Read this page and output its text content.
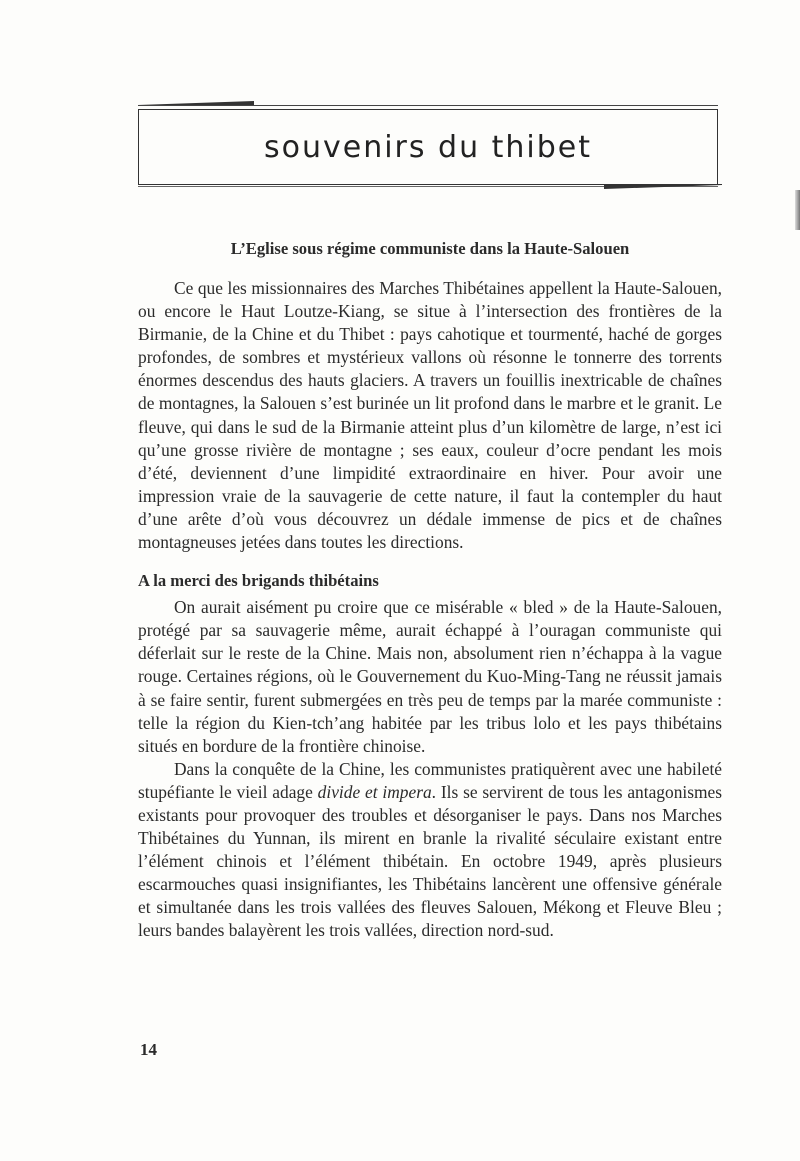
souvenirs du thibet
L’Eglise sous régime communiste dans la Haute-Salouen

Ce que les missionnaires des Marches Thibétaines appellent la Haute-Salouen, ou encore le Haut Loutze-Kiang, se situe à l’intersection des frontières de la Birmanie, de la Chine et du Thibet : pays cahotique et tourmenté, haché de gorges profondes, de sombres et mystérieux vallons où résonne le tonnerre des torrents énormes descendus des hauts glaciers. A travers un fouillis inextricable de chaînes de montagnes, la Salouen s’est burinée un lit profond dans le marbre et le granit. Le fleuve, qui dans le sud de la Birmanie atteint plus d’un kilomètre de large, n’est ici qu’une grosse rivière de montagne ; ses eaux, couleur d’ocre pendant les mois d’été, deviennent d’une limpidité extraordinaire en hiver. Pour avoir une impression vraie de la sauvagerie de cette nature, il faut la contempler du haut d’une arête d’où vous découvrez un dédale immense de pics et de chaînes montagneuses jetées dans toutes les directions.

A la merci des brigands thibétains

On aurait aisément pu croire que ce misérable « bled » de la Haute-Salouen, protégé par sa sauvagerie même, aurait échappé à l’ouragan communiste qui déferlait sur le reste de la Chine. Mais non, absolument rien n’échappa à la vague rouge. Certaines régions, où le Gouvernement du Kuo-Ming-Tang ne réussit jamais à se faire sentir, furent submergées en très peu de temps par la marée communiste : telle la région du Kien-tch’ang habitée par les tribus lolo et les pays thibétains situés en bordure de la frontière chinoise.

Dans la conquête de la Chine, les communistes pratiquèrent avec une habileté stupéfiante le vieil adage divide et impera. Ils se servirent de tous les antagonismes existants pour provoquer des troubles et désorganiser le pays. Dans nos Marches Thibétaines du Yunnan, ils mirent en branle la rivalité séculaire existant entre l’élément chinois et l’élément thibétain. En octobre 1949, après plusieurs escarmouches quasi insignifiantes, les Thibétains lancèrent une offensive générale et simultanée dans les trois vallées des fleuves Salouen, Mékong et Fleuve Bleu ; leurs bandes balayèrent les trois vallées, direction nord-sud.

14
